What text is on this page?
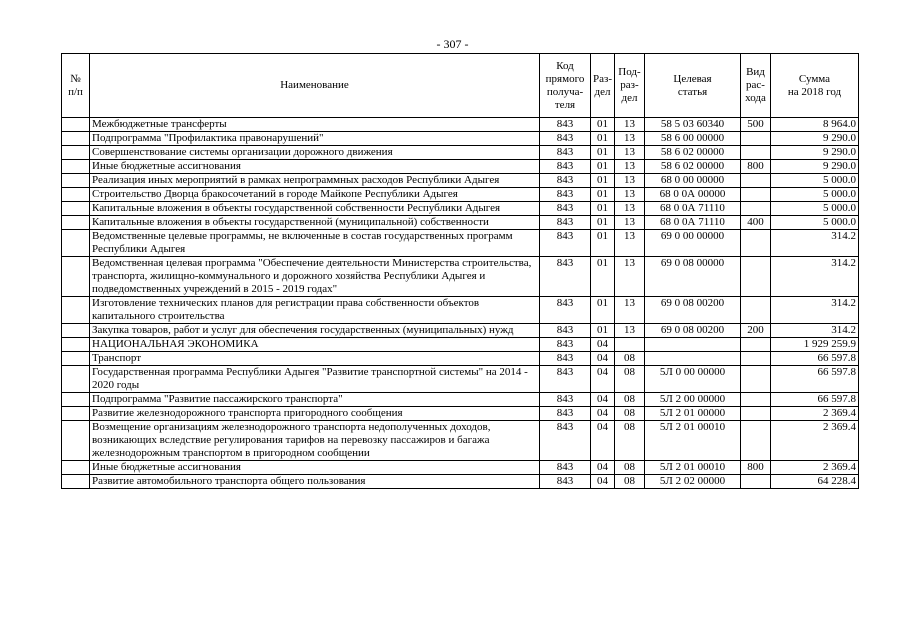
- 307 -
№
п/п	Наименование	Код
прямого
получа-
теля	Раз-
дел	Под-
раз-
дел	Целевая
статья	Вид
рас-
хода	Сумма
на 2018 год
	Межбюджетные трансферты	843	01	13	58 5 03 60340	500	8 964.0
	Подпрограмма "Профилактика правонарушений"	843	01	13	58 6 00 00000		9 290.0
	Совершенствование системы организации дорожного движения	843	01	13	58 6 02 00000		9 290.0
	Иные бюджетные ассигнования	843	01	13	58 6 02 00000	800	9 290.0
	Реализация иных мероприятий в рамках непрограммных расходов Республики Адыгея	843	01	13	68 0 00 00000		5 000.0
	Строительство Дворца бракосочетаний в городе Майкопе Республики Адыгея	843	01	13	68 0 0А 00000		5 000.0
	Капитальные вложения в объекты государственной собственности Республики Адыгея	843	01	13	68 0 0А 71110		5 000.0
	Капитальные вложения в объекты государственной (муниципальной) собственности	843	01	13	68 0 0А 71110	400	5 000.0
	Ведомственные целевые программы, не включенные в состав государственных программ Республики Адыгея	843	01	13	69 0 00 00000		314.2
	Ведомственная целевая программа "Обеспечение деятельности Министерства строительства, транспорта, жилищно-коммунального и дорожного хозяйства Республики Адыгея и подведомственных учреждений в 2015 - 2019 годах"	843	01	13	69 0 08 00000		314.2
	Изготовление технических планов для регистрации права собственности объектов капитального строительства	843	01	13	69 0 08 00200		314.2
	Закупка товаров, работ и услуг для обеспечения государственных (муниципальных) нужд	843	01	13	69 0 08 00200	200	314.2
	НАЦИОНАЛЬНАЯ ЭКОНОМИКА	843	04				1 929 259.9
	Транспорт	843	04	08			66 597.8
	Государственная программа Республики Адыгея "Развитие транспортной системы" на 2014 - 2020 годы	843	04	08	5Л 0 00 00000		66 597.8
	Подпрограмма "Развитие пассажирского транспорта"	843	04	08	5Л 2 00 00000		66 597.8
	Развитие железнодорожного транспорта пригородного сообщения	843	04	08	5Л 2 01 00000		2 369.4
	Возмещение организациям железнодорожного транспорта недополученных доходов, возникающих вследствие регулирования тарифов на перевозку пассажиров и багажа железнодорожным транспортом в пригородном сообщении	843	04	08	5Л 2 01 00010		2 369.4
	Иные бюджетные ассигнования	843	04	08	5Л 2 01 00010	800	2 369.4
	Развитие автомобильного транспорта общего пользования	843	04	08	5Л 2 02 00000		64 228.4
